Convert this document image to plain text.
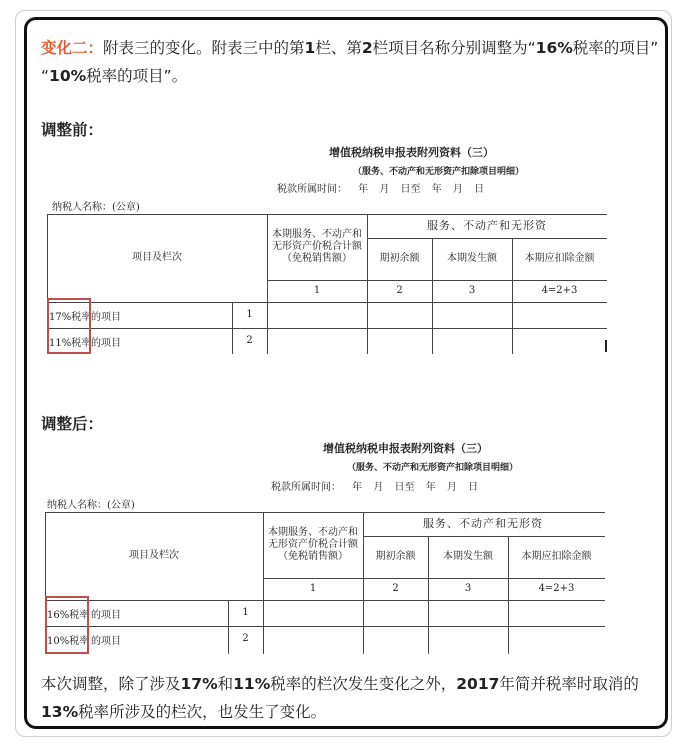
变化二：附表三的变化。附表三中的第1栏、第2栏项目名称分别调整为“16%税率的项目” “10%税率的项目”。
调整前：
增值税纳税申报表附列资料（三）
（服务、不动产和无形资产扣除项目明细）
税款所属时间： 年 月 日至 年 月 日
纳税人名称：(公章)
项目及栏次
本期服务、不动产和无形资产价税合计额（免税销售额）
服务、不动产和无形资
期初余额	本期发生额	本期应扣除金额
1	2	3	4=2+3
17%税率 的项目	1
11%税率 的项目	2
调整后：
增值税纳税申报表附列资料（三）
（服务、不动产和无形资产扣除项目明细）
税款所属时间： 年 月 日至 年 月 日
纳税人名称：(公章)
项目及栏次
本期服务、不动产和无形资产价税合计额（免税销售额）
服务、不动产和无形资
期初余额	本期发生额	本期应扣除金额
1	2	3	4=2+3
16%税率 的项目	1
10%税率 的项目	2
本次调整，除了涉及17%和11%税率的栏次发生变化之外，2017年简并税率时取消的13%税率所涉及的栏次，也发生了变化。
